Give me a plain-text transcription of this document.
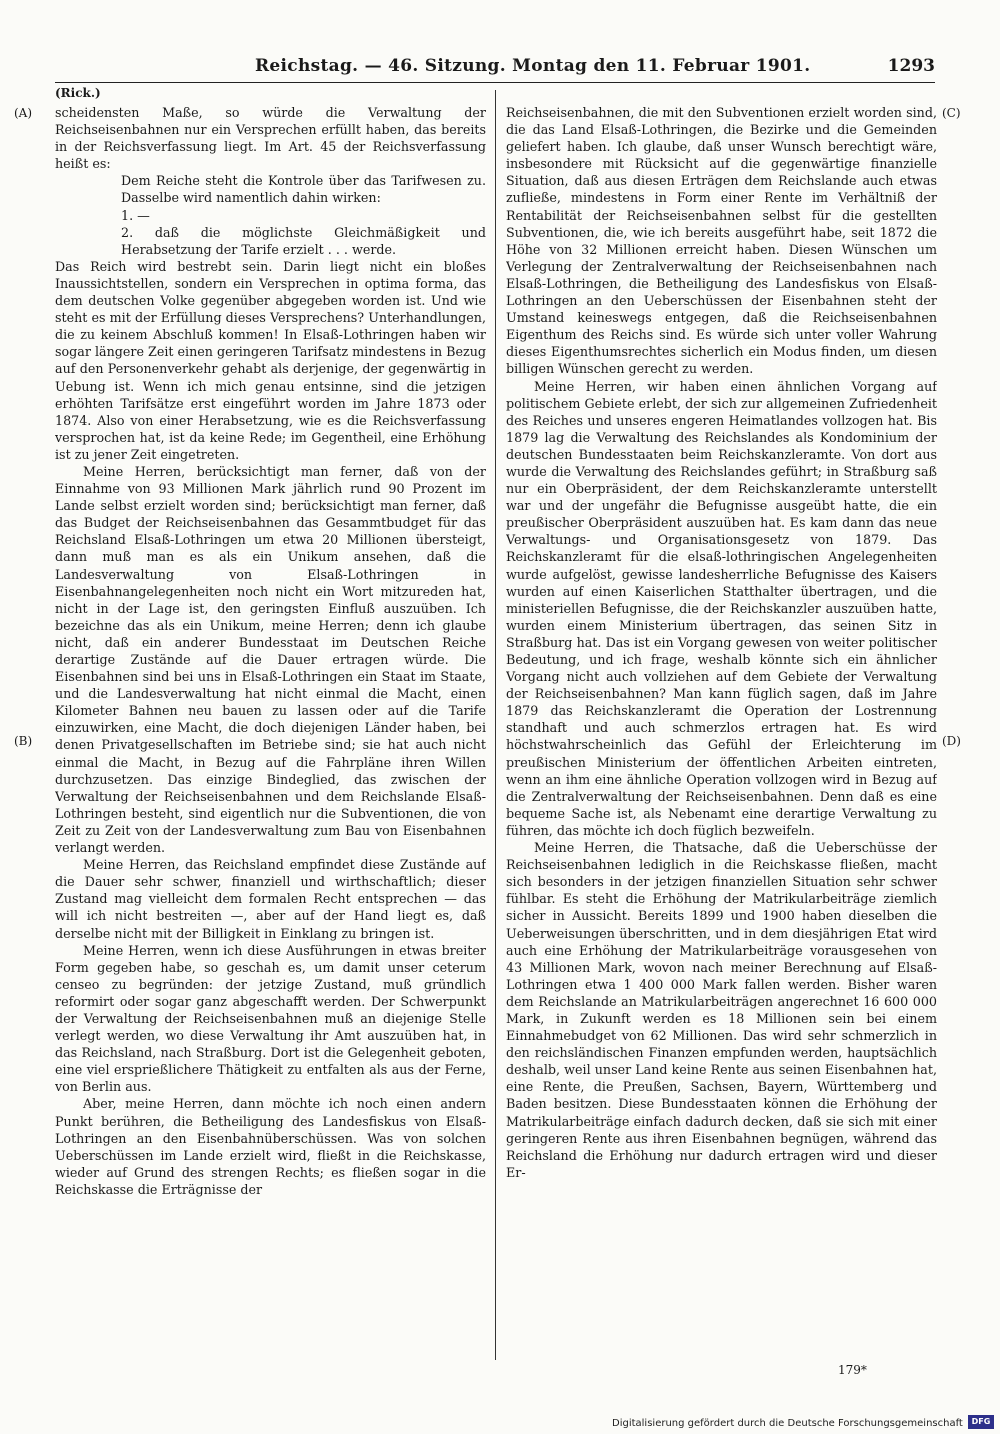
Reichstag. — 46. Sitzung. Montag den 11. Februar 1901.	1293
(Rick.)
(A)
(B)
(C)
(D)

scheidensten Maße, so würde die Verwaltung der Reichseisenbahnen nur ein Versprechen erfüllt haben, das bereits in der Reichsverfassung liegt. Im Art. 45 der Reichsverfassung heißt es:

Dem Reiche steht die Kontrole über das Tarifwesen zu. Dasselbe wird namentlich dahin wirken:

1. —

2. daß die möglichste Gleichmäßigkeit und Herabsetzung der Tarife erzielt . . . werde.

Das Reich wird bestrebt sein. Darin liegt nicht ein bloßes Inaussichtstellen, sondern ein Versprechen in optima forma, das dem deutschen Volke gegenüber abgegeben worden ist. Und wie steht es mit der Erfüllung dieses Versprechens? Unterhandlungen, die zu keinem Abschluß kommen! In Elsaß-Lothringen haben wir sogar längere Zeit einen geringeren Tarifsatz mindestens in Bezug auf den Personenverkehr gehabt als derjenige, der gegenwärtig in Uebung ist. Wenn ich mich genau entsinne, sind die jetzigen erhöhten Tarifsätze erst eingeführt worden im Jahre 1873 oder 1874. Also von einer Herabsetzung, wie es die Reichsverfassung versprochen hat, ist da keine Rede; im Gegentheil, eine Erhöhung ist zu jener Zeit eingetreten.

Meine Herren, berücksichtigt man ferner, daß von der Einnahme von 93 Millionen Mark jährlich rund 90 Prozent im Lande selbst erzielt worden sind; berücksichtigt man ferner, daß das Budget der Reichseisenbahnen das Gesammtbudget für das Reichsland Elsaß-Lothringen um etwa 20 Millionen übersteigt, dann muß man es als ein Unikum ansehen, daß die Landesverwaltung von Elsaß-Lothringen in Eisenbahnangelegenheiten noch nicht ein Wort mitzureden hat, nicht in der Lage ist, den geringsten Einfluß auszuüben. Ich bezeichne das als ein Unikum, meine Herren; denn ich glaube nicht, daß ein anderer Bundesstaat im Deutschen Reiche derartige Zustände auf die Dauer ertragen würde. Die Eisenbahnen sind bei uns in Elsaß-Lothringen ein Staat im Staate, und die Landesverwaltung hat nicht einmal die Macht, einen Kilometer Bahnen neu bauen zu lassen oder auf die Tarife einzuwirken, eine Macht, die doch diejenigen Länder haben, bei denen Privatgesellschaften im Betriebe sind; sie hat auch nicht einmal die Macht, in Bezug auf die Fahrpläne ihren Willen durchzusetzen. Das einzige Bindeglied, das zwischen der Verwaltung der Reichseisenbahnen und dem Reichslande Elsaß-Lothringen besteht, sind eigentlich nur die Subventionen, die von Zeit zu Zeit von der Landesverwaltung zum Bau von Eisenbahnen verlangt werden.

Meine Herren, das Reichsland empfindet diese Zustände auf die Dauer sehr schwer, finanziell und wirthschaftlich; dieser Zustand mag vielleicht dem formalen Recht entsprechen — das will ich nicht bestreiten —, aber auf der Hand liegt es, daß derselbe nicht mit der Billigkeit in Einklang zu bringen ist.

Meine Herren, wenn ich diese Ausführungen in etwas breiter Form gegeben habe, so geschah es, um damit unser ceterum censeo zu begründen: der jetzige Zustand, muß gründlich reformirt oder sogar ganz abgeschafft werden. Der Schwerpunkt der Verwaltung der Reichseisenbahnen muß an diejenige Stelle verlegt werden, wo diese Verwaltung ihr Amt auszuüben hat, in das Reichsland, nach Straßburg. Dort ist die Gelegenheit geboten, eine viel ersprießlichere Thätigkeit zu entfalten als aus der Ferne, von Berlin aus.

Aber, meine Herren, dann möchte ich noch einen andern Punkt berühren, die Betheiligung des Landesfiskus von Elsaß-Lothringen an den Eisenbahnüberschüssen. Was von solchen Ueberschüssen im Lande erzielt wird, fließt in die Reichskasse, wieder auf Grund des strengen Rechts; es fließen sogar in die Reichskasse die Erträgnisse der

Reichseisenbahnen, die mit den Subventionen erzielt worden sind, die das Land Elsaß-Lothringen, die Bezirke und die Gemeinden geliefert haben. Ich glaube, daß unser Wunsch berechtigt wäre, insbesondere mit Rücksicht auf die gegenwärtige finanzielle Situation, daß aus diesen Erträgen dem Reichslande auch etwas zufließe, mindestens in Form einer Rente im Verhältniß der Rentabilität der Reichseisenbahnen selbst für die gestellten Subventionen, die, wie ich bereits ausgeführt habe, seit 1872 die Höhe von 32 Millionen erreicht haben. Diesen Wünschen um Verlegung der Zentralverwaltung der Reichseisenbahnen nach Elsaß-Lothringen, die Betheiligung des Landesfiskus von Elsaß-Lothringen an den Ueberschüssen der Eisenbahnen steht der Umstand keineswegs entgegen, daß die Reichseisenbahnen Eigenthum des Reichs sind. Es würde sich unter voller Wahrung dieses Eigenthumsrechtes sicherlich ein Modus finden, um diesen billigen Wünschen gerecht zu werden.

Meine Herren, wir haben einen ähnlichen Vorgang auf politischem Gebiete erlebt, der sich zur allgemeinen Zufriedenheit des Reiches und unseres engeren Heimatlandes vollzogen hat. Bis 1879 lag die Verwaltung des Reichslandes als Kondominium der deutschen Bundesstaaten beim Reichskanzleramte. Von dort aus wurde die Verwaltung des Reichslandes geführt; in Straßburg saß nur ein Oberpräsident, der dem Reichskanzleramte unterstellt war und der ungefähr die Befugnisse ausgeübt hatte, die ein preußischer Oberpräsident auszuüben hat. Es kam dann das neue Verwaltungs- und Organisationsgesetz von 1879. Das Reichskanzleramt für die elsaß-lothringischen Angelegenheiten wurde aufgelöst, gewisse landesherrliche Befugnisse des Kaisers wurden auf einen Kaiserlichen Statthalter übertragen, und die ministeriellen Befugnisse, die der Reichskanzler auszuüben hatte, wurden einem Ministerium übertragen, das seinen Sitz in Straßburg hat. Das ist ein Vorgang gewesen von weiter politischer Bedeutung, und ich frage, weshalb könnte sich ein ähnlicher Vorgang nicht auch vollziehen auf dem Gebiete der Verwaltung der Reichseisenbahnen? Man kann füglich sagen, daß im Jahre 1879 das Reichskanzleramt die Operation der Lostrennung standhaft und auch schmerzlos ertragen hat. Es wird höchstwahrscheinlich das Gefühl der Erleichterung im preußischen Ministerium der öffentlichen Arbeiten eintreten, wenn an ihm eine ähnliche Operation vollzogen wird in Bezug auf die Zentralverwaltung der Reichseisenbahnen. Denn daß es eine bequeme Sache ist, als Nebenamt eine derartige Verwaltung zu führen, das möchte ich doch füglich bezweifeln.

Meine Herren, die Thatsache, daß die Ueberschüsse der Reichseisenbahnen lediglich in die Reichskasse fließen, macht sich besonders in der jetzigen finanziellen Situation sehr schwer fühlbar. Es steht die Erhöhung der Matrikularbeiträge ziemlich sicher in Aussicht. Bereits 1899 und 1900 haben dieselben die Ueberweisungen überschritten, und in dem diesjährigen Etat wird auch eine Erhöhung der Matrikularbeiträge vorausgesehen von 43 Millionen Mark, wovon nach meiner Berechnung auf Elsaß-Lothringen etwa 1 400 000 Mark fallen werden. Bisher waren dem Reichslande an Matrikularbeiträgen angerechnet 16 600 000 Mark, in Zukunft werden es 18 Millionen sein bei einem Einnahmebudget von 62 Millionen. Das wird sehr schmerzlich in den reichsländischen Finanzen empfunden werden, hauptsächlich deshalb, weil unser Land keine Rente aus seinen Eisenbahnen hat, eine Rente, die Preußen, Sachsen, Bayern, Württemberg und Baden besitzen. Diese Bundesstaaten können die Erhöhung der Matrikularbeiträge einfach dadurch decken, daß sie sich mit einer geringeren Rente aus ihren Eisenbahnen begnügen, während das Reichsland die Erhöhung nur dadurch ertragen wird und dieser Er-

179*
Digitalisierung gefördert durch die Deutsche Forschungsgemeinschaft	DFG
